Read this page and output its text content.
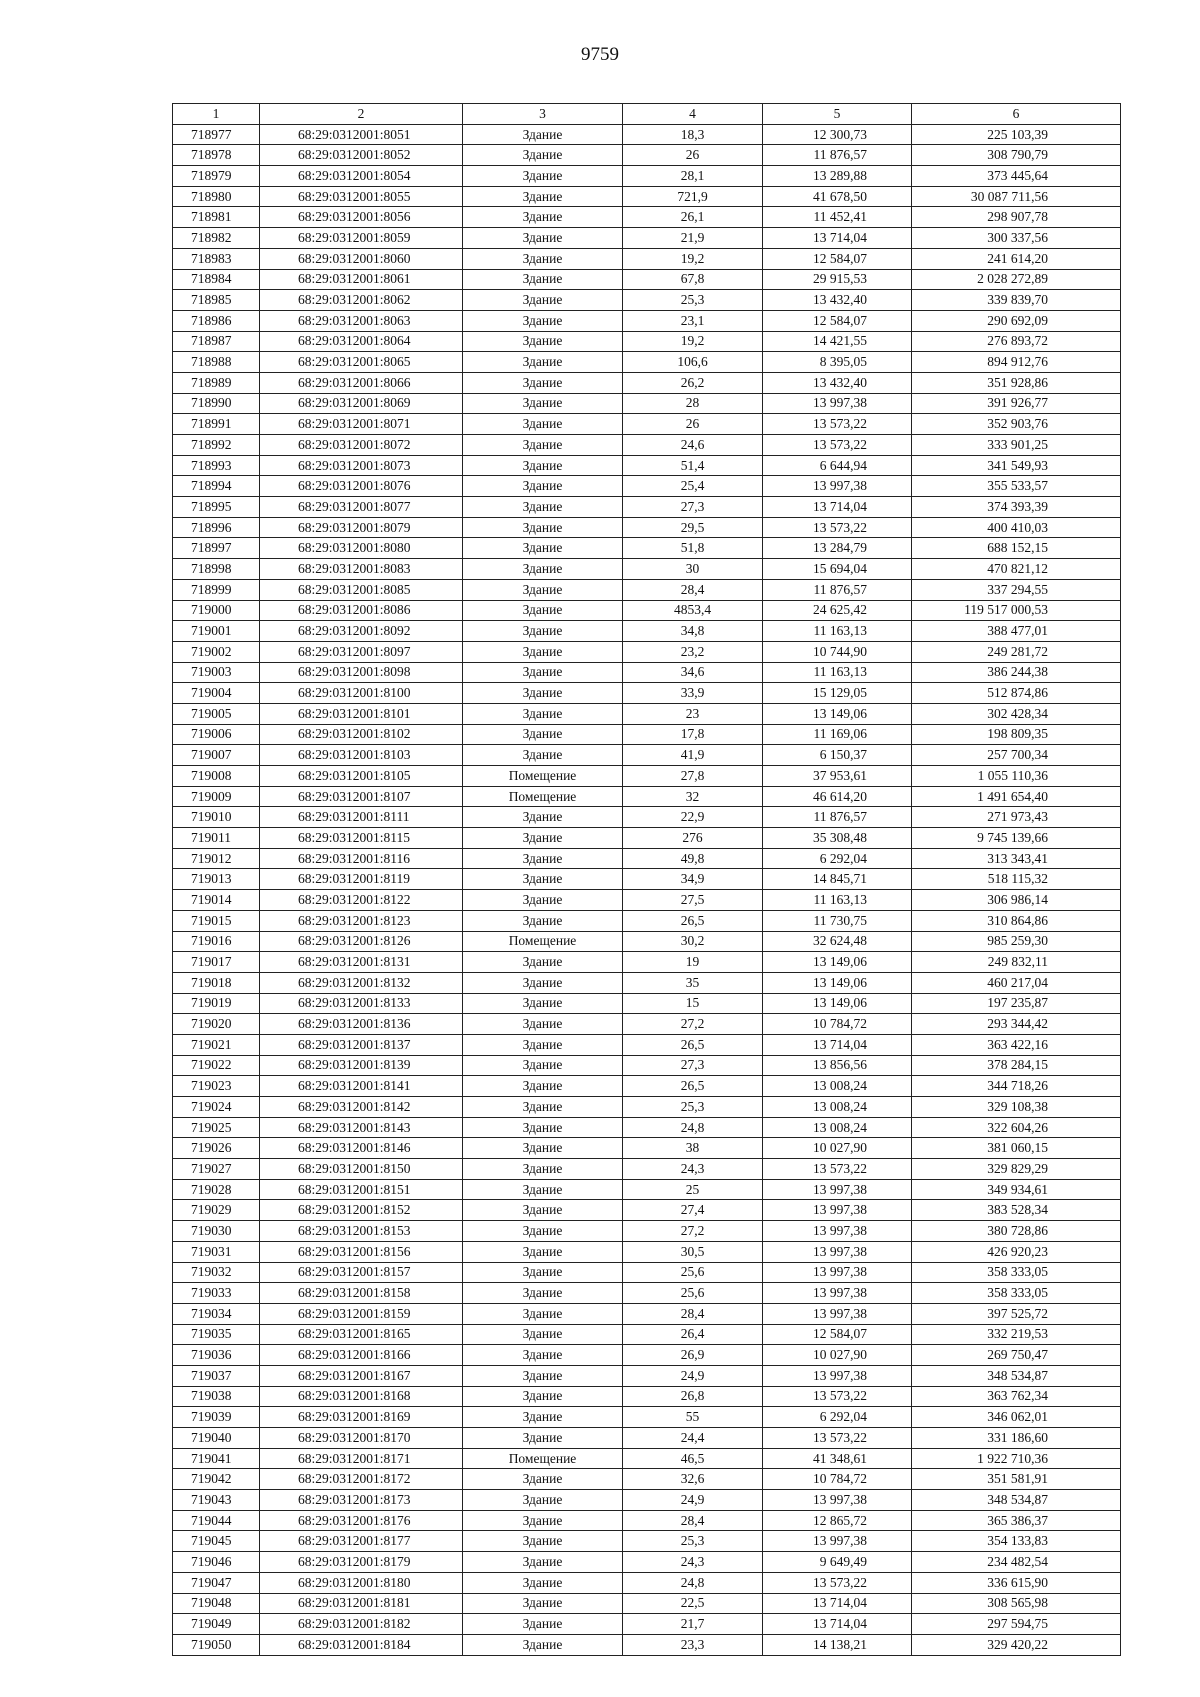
9759
1	2	3	4	5	6
718977	68:29:0312001:8051	Здание	18,3	12 300,73	225 103,39
718978	68:29:0312001:8052	Здание	26	11 876,57	308 790,79
718979	68:29:0312001:8054	Здание	28,1	13 289,88	373 445,64
718980	68:29:0312001:8055	Здание	721,9	41 678,50	30 087 711,56
718981	68:29:0312001:8056	Здание	26,1	11 452,41	298 907,78
718982	68:29:0312001:8059	Здание	21,9	13 714,04	300 337,56
718983	68:29:0312001:8060	Здание	19,2	12 584,07	241 614,20
718984	68:29:0312001:8061	Здание	67,8	29 915,53	2 028 272,89
718985	68:29:0312001:8062	Здание	25,3	13 432,40	339 839,70
718986	68:29:0312001:8063	Здание	23,1	12 584,07	290 692,09
718987	68:29:0312001:8064	Здание	19,2	14 421,55	276 893,72
718988	68:29:0312001:8065	Здание	106,6	8 395,05	894 912,76
718989	68:29:0312001:8066	Здание	26,2	13 432,40	351 928,86
718990	68:29:0312001:8069	Здание	28	13 997,38	391 926,77
718991	68:29:0312001:8071	Здание	26	13 573,22	352 903,76
718992	68:29:0312001:8072	Здание	24,6	13 573,22	333 901,25
718993	68:29:0312001:8073	Здание	51,4	6 644,94	341 549,93
718994	68:29:0312001:8076	Здание	25,4	13 997,38	355 533,57
718995	68:29:0312001:8077	Здание	27,3	13 714,04	374 393,39
718996	68:29:0312001:8079	Здание	29,5	13 573,22	400 410,03
718997	68:29:0312001:8080	Здание	51,8	13 284,79	688 152,15
718998	68:29:0312001:8083	Здание	30	15 694,04	470 821,12
718999	68:29:0312001:8085	Здание	28,4	11 876,57	337 294,55
719000	68:29:0312001:8086	Здание	4853,4	24 625,42	119 517 000,53
719001	68:29:0312001:8092	Здание	34,8	11 163,13	388 477,01
719002	68:29:0312001:8097	Здание	23,2	10 744,90	249 281,72
719003	68:29:0312001:8098	Здание	34,6	11 163,13	386 244,38
719004	68:29:0312001:8100	Здание	33,9	15 129,05	512 874,86
719005	68:29:0312001:8101	Здание	23	13 149,06	302 428,34
719006	68:29:0312001:8102	Здание	17,8	11 169,06	198 809,35
719007	68:29:0312001:8103	Здание	41,9	6 150,37	257 700,34
719008	68:29:0312001:8105	Помещение	27,8	37 953,61	1 055 110,36
719009	68:29:0312001:8107	Помещение	32	46 614,20	1 491 654,40
719010	68:29:0312001:8111	Здание	22,9	11 876,57	271 973,43
719011	68:29:0312001:8115	Здание	276	35 308,48	9 745 139,66
719012	68:29:0312001:8116	Здание	49,8	6 292,04	313 343,41
719013	68:29:0312001:8119	Здание	34,9	14 845,71	518 115,32
719014	68:29:0312001:8122	Здание	27,5	11 163,13	306 986,14
719015	68:29:0312001:8123	Здание	26,5	11 730,75	310 864,86
719016	68:29:0312001:8126	Помещение	30,2	32 624,48	985 259,30
719017	68:29:0312001:8131	Здание	19	13 149,06	249 832,11
719018	68:29:0312001:8132	Здание	35	13 149,06	460 217,04
719019	68:29:0312001:8133	Здание	15	13 149,06	197 235,87
719020	68:29:0312001:8136	Здание	27,2	10 784,72	293 344,42
719021	68:29:0312001:8137	Здание	26,5	13 714,04	363 422,16
719022	68:29:0312001:8139	Здание	27,3	13 856,56	378 284,15
719023	68:29:0312001:8141	Здание	26,5	13 008,24	344 718,26
719024	68:29:0312001:8142	Здание	25,3	13 008,24	329 108,38
719025	68:29:0312001:8143	Здание	24,8	13 008,24	322 604,26
719026	68:29:0312001:8146	Здание	38	10 027,90	381 060,15
719027	68:29:0312001:8150	Здание	24,3	13 573,22	329 829,29
719028	68:29:0312001:8151	Здание	25	13 997,38	349 934,61
719029	68:29:0312001:8152	Здание	27,4	13 997,38	383 528,34
719030	68:29:0312001:8153	Здание	27,2	13 997,38	380 728,86
719031	68:29:0312001:8156	Здание	30,5	13 997,38	426 920,23
719032	68:29:0312001:8157	Здание	25,6	13 997,38	358 333,05
719033	68:29:0312001:8158	Здание	25,6	13 997,38	358 333,05
719034	68:29:0312001:8159	Здание	28,4	13 997,38	397 525,72
719035	68:29:0312001:8165	Здание	26,4	12 584,07	332 219,53
719036	68:29:0312001:8166	Здание	26,9	10 027,90	269 750,47
719037	68:29:0312001:8167	Здание	24,9	13 997,38	348 534,87
719038	68:29:0312001:8168	Здание	26,8	13 573,22	363 762,34
719039	68:29:0312001:8169	Здание	55	6 292,04	346 062,01
719040	68:29:0312001:8170	Здание	24,4	13 573,22	331 186,60
719041	68:29:0312001:8171	Помещение	46,5	41 348,61	1 922 710,36
719042	68:29:0312001:8172	Здание	32,6	10 784,72	351 581,91
719043	68:29:0312001:8173	Здание	24,9	13 997,38	348 534,87
719044	68:29:0312001:8176	Здание	28,4	12 865,72	365 386,37
719045	68:29:0312001:8177	Здание	25,3	13 997,38	354 133,83
719046	68:29:0312001:8179	Здание	24,3	9 649,49	234 482,54
719047	68:29:0312001:8180	Здание	24,8	13 573,22	336 615,90
719048	68:29:0312001:8181	Здание	22,5	13 714,04	308 565,98
719049	68:29:0312001:8182	Здание	21,7	13 714,04	297 594,75
719050	68:29:0312001:8184	Здание	23,3	14 138,21	329 420,22
